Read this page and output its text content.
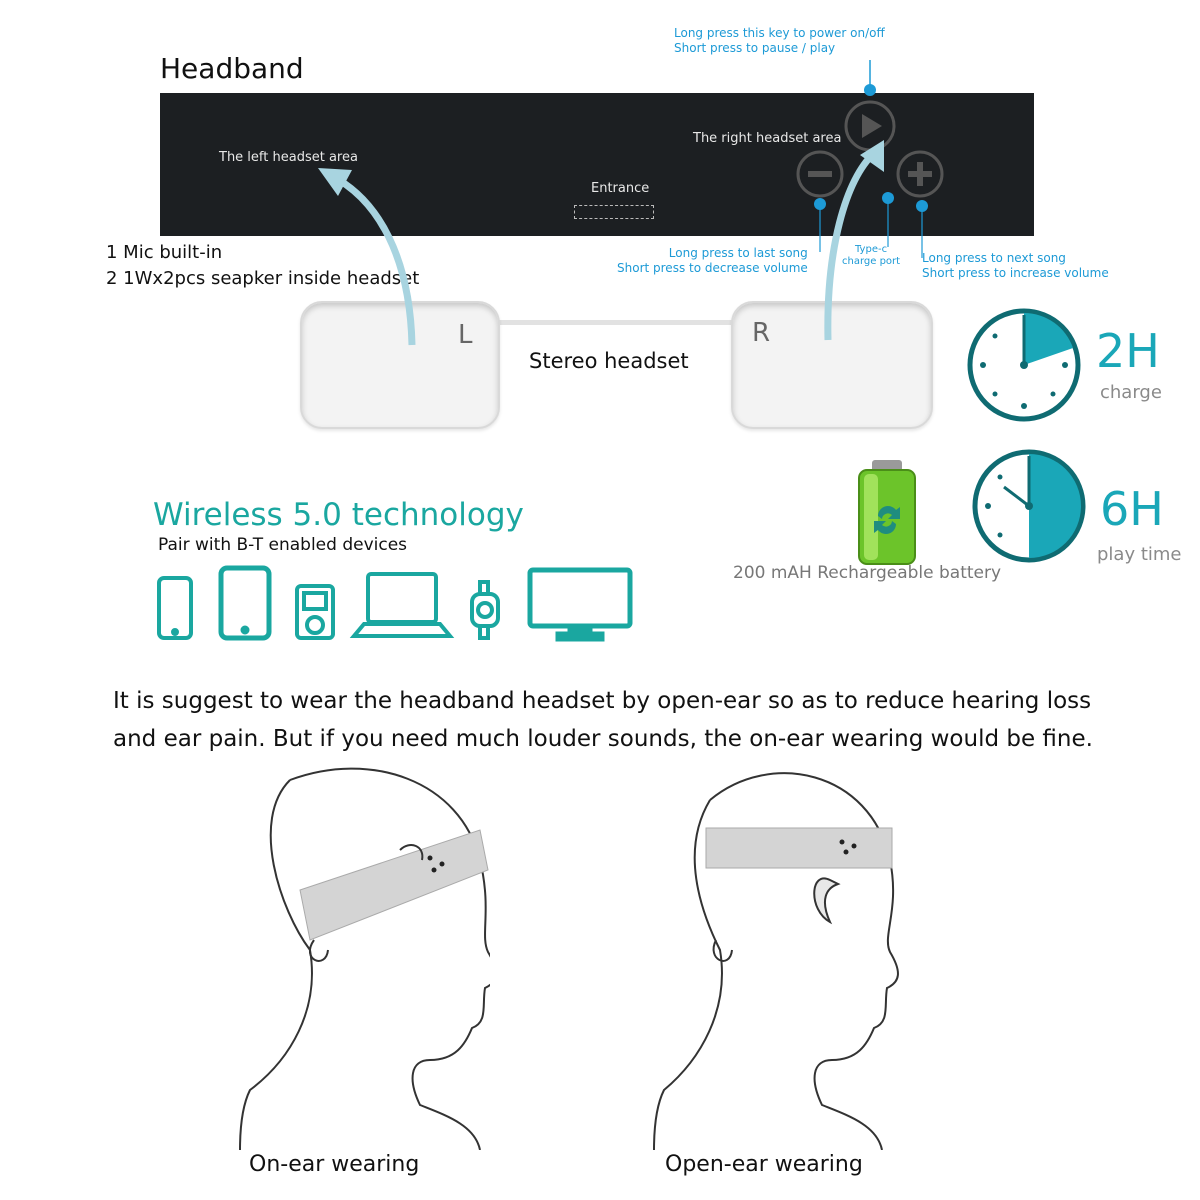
Headband
Long press this key to power on/off
Short press to pause / play
The left headset area
The right headset area
Entrance
Long press to last song
Short press to decrease volume
Type-c
charge port Long press to next song
Short press to increase volume
1 Mic built-in
2 1Wx2pcs seapker inside headset
L	R
Stereo headset	2H
charge
200 mAH Rechargeable battery
6H
play time
Wireless 5.0 technology
Pair with B-T enabled devices
It is suggest to wear the headband headset by open-ear so as to reduce hearing loss and ear pain. But if you need much louder sounds, the on-ear wearing would be fine.
On-ear wearing	Open-ear wearing
